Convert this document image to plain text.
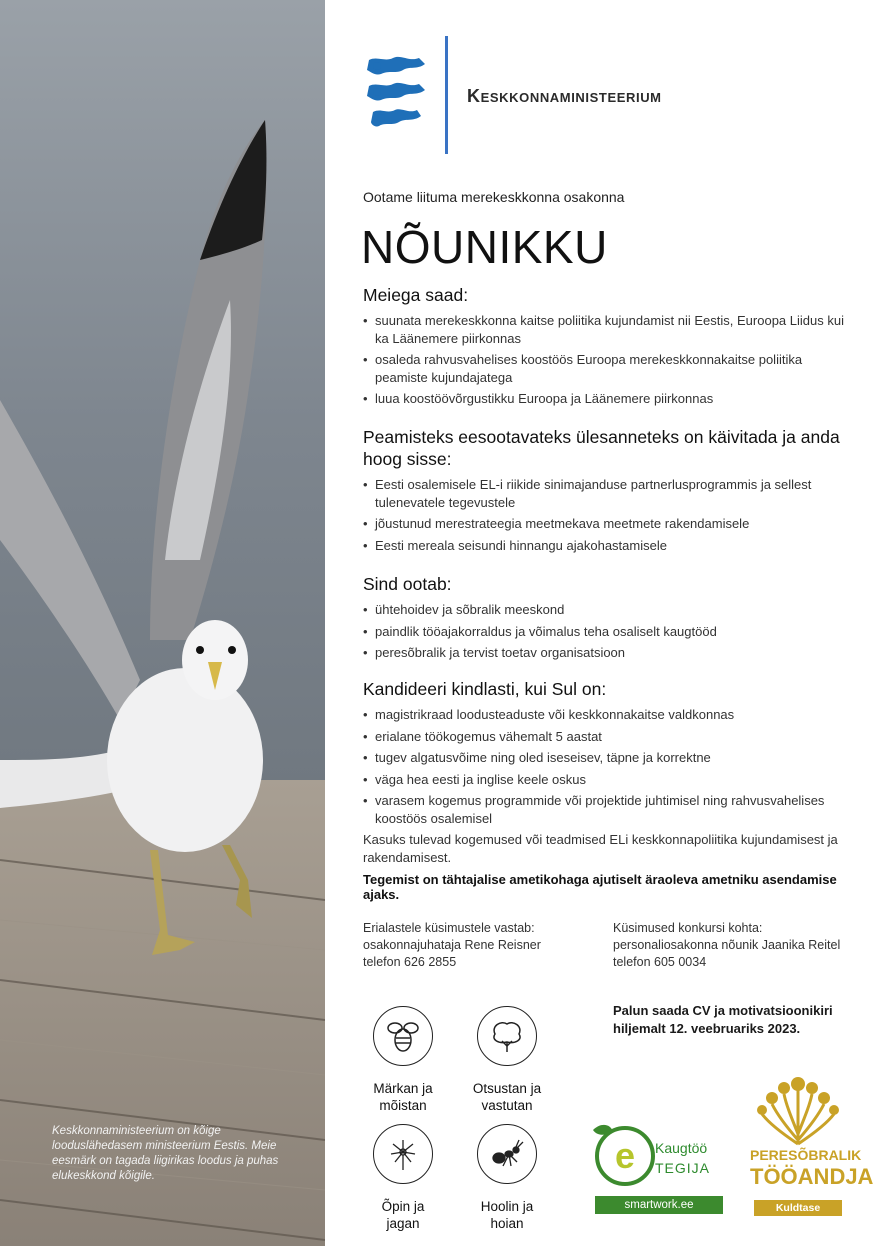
Keskkonnaministeerium on kõige looduslähedasem ministeerium Eestis. Meie eesmärk on tagada liigirikas loodus ja puhas elukeskkond kõigile.
Keskkonnaministeerium
Ootame liituma merekeskkonna osakonna
NÕUNIKKU
Meiega saad:
• suunata merekeskkonna kaitse poliitika kujundamist nii Eestis, Euroopa Liidus kui ka Läänemere piirkonnas
• osaleda rahvusvahelises koostöös Euroopa merekeskkonnakaitse poliitika peamiste kujundajatega
• luua koostöövõrgustikku Euroopa ja Läänemere piirkonnas
Peamisteks eesootavateks ülesanneteks on käivitada ja anda hoog sisse:
• Eesti osalemisele EL-i riikide sinimajanduse partnerlusprogrammis ja sellest tulenevatele tegevustele
• jõustunud merestrateegia meetmekava meetmete rakendamisele
• Eesti mereala seisundi hinnangu ajakohastamisele
Sind ootab:
• ühtehoidev ja sõbralik meeskond
• paindlik tööajakorraldus ja võimalus teha osaliselt kaugtööd
• peresõbralik ja tervist toetav organisatsioon
Kandideeri kindlasti, kui Sul on:
• magistrikraad loodusteaduste või keskkonnakaitse valdkonnas
• erialane töökogemus vähemalt 5 aastat
• tugev algatusvõime ning oled iseseisev, täpne ja korrektne
• väga hea eesti ja inglise keele oskus
• varasem kogemus programmide või projektide juhtimisel ning rahvusvahelises koostöös osalemisel

Kasuks tulevad kogemused või teadmised ELi keskkonnapoliitika kujundamisest ja rakendamisest.

Tegemist on tähtajalise ametikohaga ajutiselt äraoleva ametniku asendamise ajaks.
Erialastele küsimustele vastab:
osakonnajuhataja Rene Reisner
telefon 626 2855
Küsimused konkursi kohta:
personaliosakonna nõunik Jaanika Reitel
telefon 605 0034
Palun saada CV ja motivatsioonikiri
hiljemalt 12. veebruariks 2023.
Märkan ja
mõistan
Otsustan ja
vastutan
Õpin ja
jagan
Hoolin ja
hoian
e Kaugtöö
TEGIJA
smartwork.ee
PERESÕBRALIK
TÖÖANDJA
Kuldtase
